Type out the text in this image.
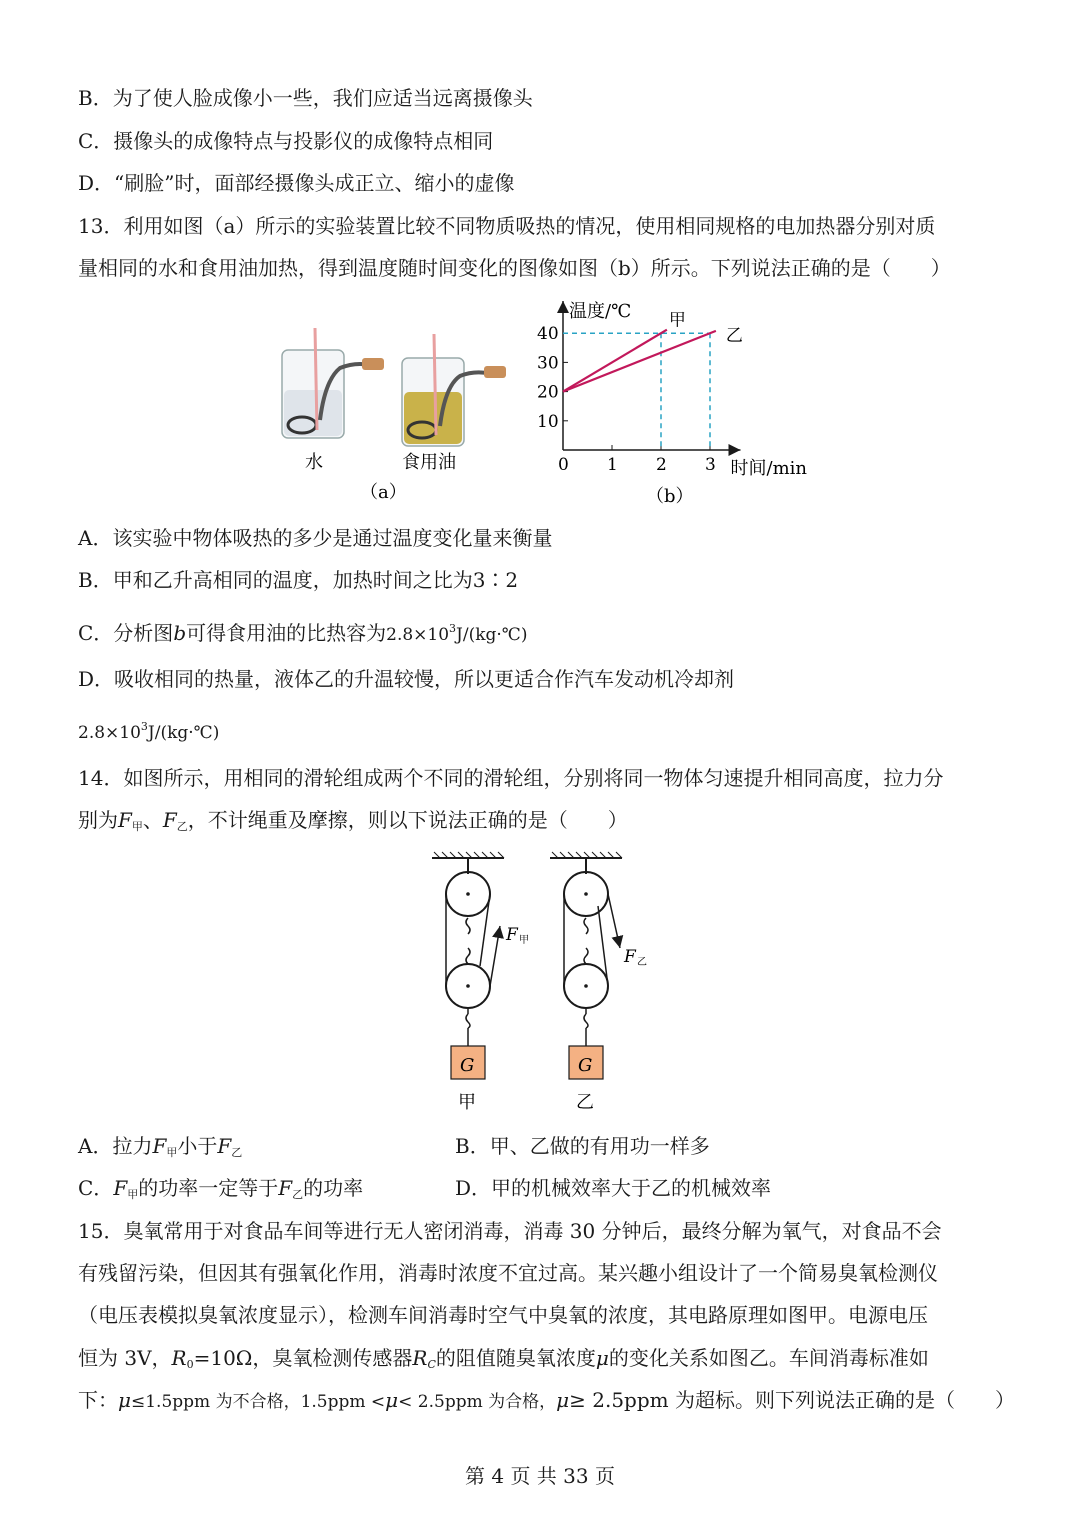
B．为了使人脸成像小一些，我们应适当远离摄像头
C．摄像头的成像特点与投影仪的成像特点相同
D．“刷脸”时，面部经摄像头成正立、缩小的虚像
13．利用如图（a）所示的实验装置比较不同物质吸热的情况，使用相同规格的电加热器分别对质
量相同的水和食用油加热，得到温度随时间变化的图像如图（b）所示。下列说法正确的是（　　）
水	食用油
（a）
0 1 2 3
10
20
30
40
甲
乙
温度/℃
时间/min
（b）
A．该实验中物体吸热的多少是通过温度变化量来衡量
B．甲和乙升高相同的温度，加热时间之比为3∶2
C．分析图b可得食用油的比热容为$2.8\times 10^3J/(kg\cdot℃)$
D．吸收相同的热量，液体乙的升温较慢，所以更适合作汽车发动机冷却剂
$2.8\times 10^3J/(kg\cdot℃)$
14．如图所示，用相同的滑轮组成两个不同的滑轮组，分别将同一物体匀速提升相同高度，拉力分
别为$F_甲$、$F_乙$，不计绳重及摩擦，则以下说法正确的是（　　）
F 甲
G
甲
F 乙
G
乙
A．拉力$F_甲$小于$F_乙$	B．甲、乙做的有用功一样多
C．$F_甲$的功率一定等于$F_乙$的功率	D．甲的机械效率大于乙的机械效率
15．臭氧常用于对食品车间等进行无人密闭消毒，消毒 30 分钟后，最终分解为氧气，对食品不会
有残留污染，但因其有强氧化作用，消毒时浓度不宜过高。某兴趣小组设计了一个简易臭氧检测仪
（电压表模拟臭氧浓度显示），检测车间消毒时空气中臭氧的浓度，其电路原理如图甲。电源电压
恒为 3V，$R_0=10\Omega$，臭氧检测传感器$R_C$的阻值随臭氧浓度μ的变化关系如图乙。车间消毒标准如
下：μ≤1.5ppm 为不合格，1.5ppm <μ< 2.5ppm 为合格，μ≥ 2.5ppm 为超标。则下列说法正确的是（　　）
第 4 页 共 33 页
